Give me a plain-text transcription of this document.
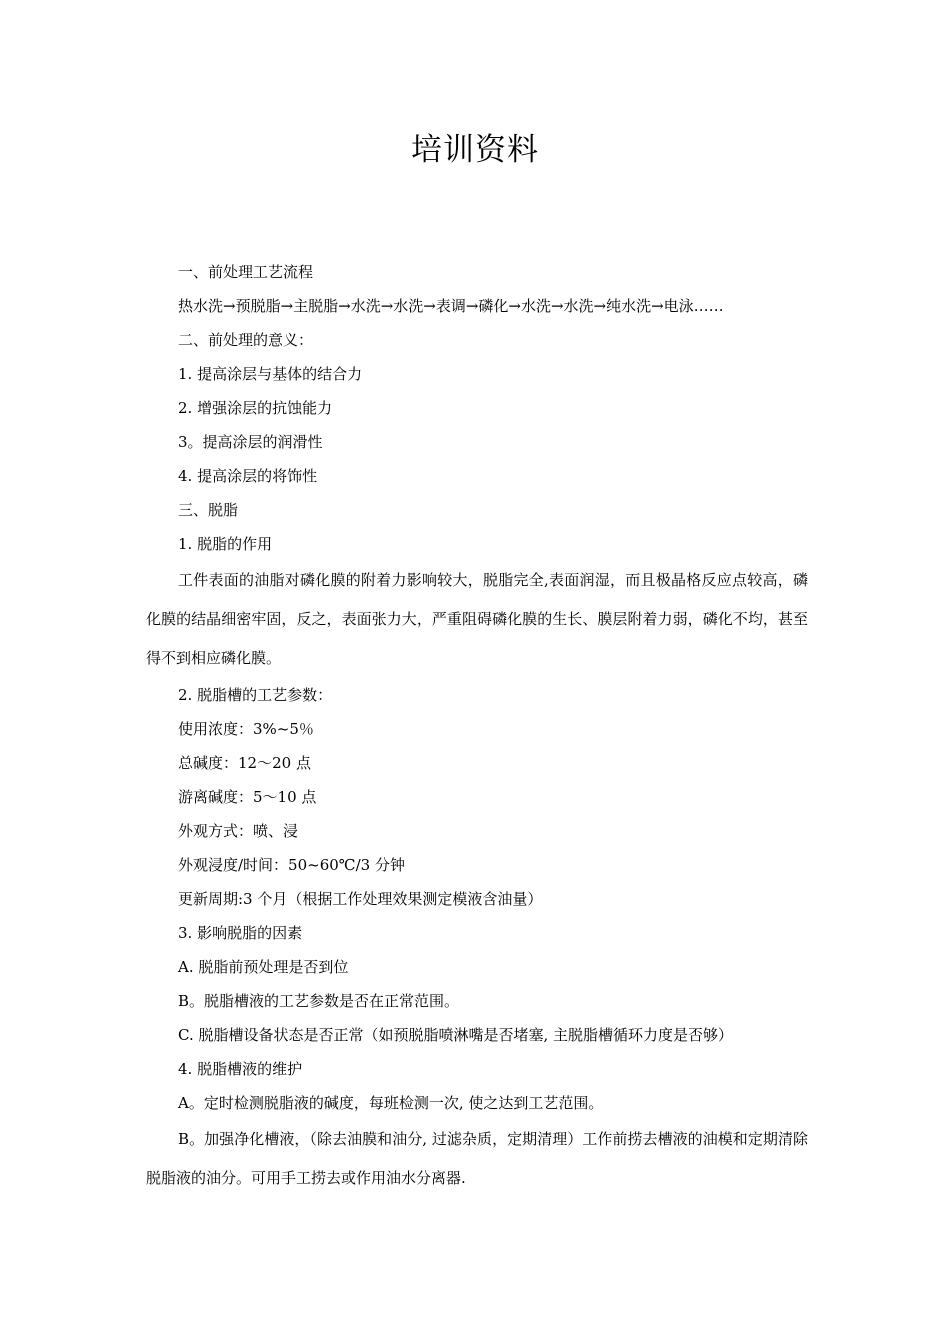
培训资料

一、前处理工艺流程

热水洗→预脱脂→主脱脂→水洗→水洗→表调→磷化→水洗→水洗→纯水洗→电泳……

二、前处理的意义：

1. 提高涂层与基体的结合力

2. 增强涂层的抗蚀能力

3。提高涂层的润滑性

4. 提高涂层的将饰性

三、脱脂

1. 脱脂的作用

工件表面的油脂对磷化膜的附着力影响较大，脱脂完全,表面润湿，而且极晶格反应点较高，磷化膜的结晶细密牢固，反之，表面张力大，严重阻碍磷化膜的生长、膜层附着力弱，磷化不均，甚至得不到相应磷化膜。

2. 脱脂槽的工艺参数：

使用浓度：3%~5％

总碱度：12～20 点

游离碱度：5～10 点

外观方式：喷、浸

外观浸度/时间：50~60℃/3 分钟

更新周期:3 个月（根据工作处理效果测定模液含油量）

3. 影响脱脂的因素

A. 脱脂前预处理是否到位

B。脱脂槽液的工艺参数是否在正常范围。

C. 脱脂槽设备状态是否正常（如预脱脂喷淋嘴是否堵塞, 主脱脂槽循环力度是否够）

4. 脱脂槽液的维护

A。定时检测脱脂液的碱度，每班检测一次, 使之达到工艺范围。

B。加强净化槽液，（除去油膜和油分, 过滤杂质，定期清理）工作前捞去槽液的油模和定期清除脱脂液的油分。可用手工捞去或作用油水分离器.
